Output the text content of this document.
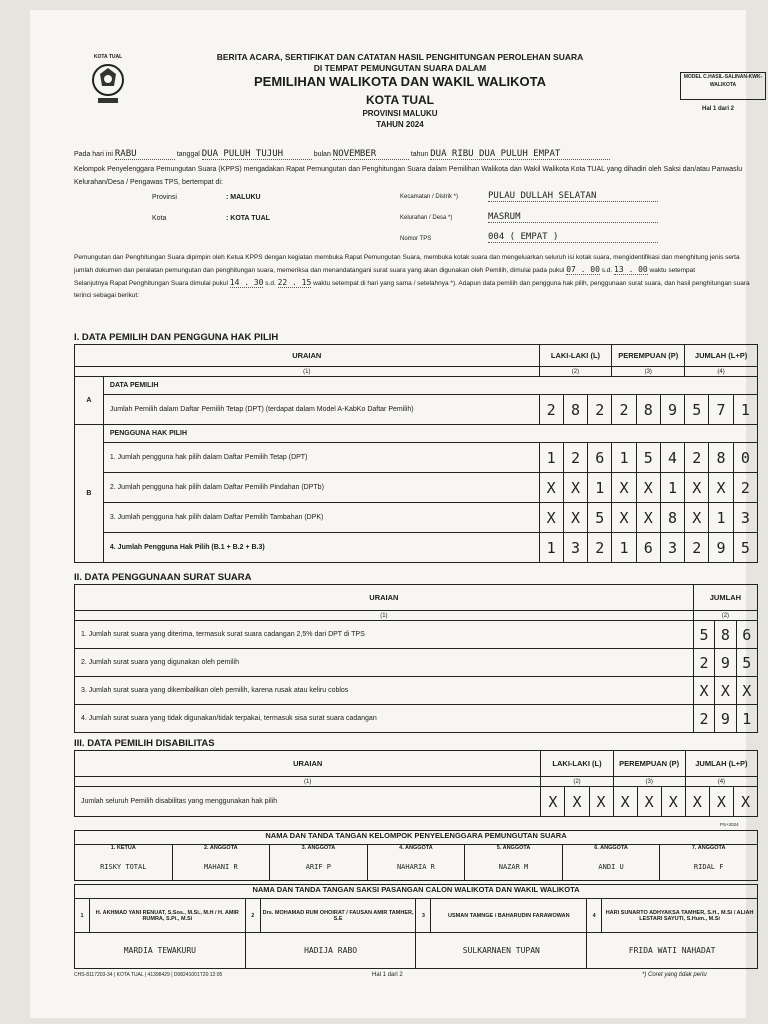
KOTA TUAL	BERITA ACARA, SERTIFIKAT DAN CATATAN HASIL PENGHITUNGAN PEROLEHAN SUARA
DI TEMPAT PEMUNGUTAN SUARA DALAM
PEMILIHAN WALIKOTA DAN WAKIL WALIKOTA
KOTA TUAL
PROVINSI MALUKU
TAHUN 2024
MODEL C.HASIL-SALINAN-KWK-WALIKOTA
Hal 1 dari 2
Pada hari ini RABU	tanggal DUA PULUH TUJUH	bulan NOVEMBER	tahun DUA RIBU DUA PULUH EMPAT
Kelompok Penyelenggara Pemungutan Suara (KPPS) mengadakan Rapat Pemungutan dan Penghitungan Suara dalam Pemilihan Walikota dan Wakil Walikota Kota TUAL yang dihadiri oleh Saksi dan/atau Panwaslu Kelurahan/Desa / Pengawas TPS, bertempat di:
Provinsi	: MALUKU
Kota	: KOTA TUAL
Kecamatan / Distrik *)	PULAU DULLAH SELATAN
Kelurahan / Desa *)	MASRUM
Nomor TPS	004 ( EMPAT )
Pemungutan dan Penghitungan Suara dipimpin oleh Ketua KPPS dengan kegiatan membuka Rapat Pemungutan Suara, membuka kotak suara dan mengeluarkan seluruh isi kotak suara, mengidentifikasi dan menghitung jenis serta jumlah dokumen dan peralatan pemungutan dan penghitungan suara, memeriksa dan menandatangani surat suara yang akan digunakan oleh Pemilih, dimulai pada pukul 07 . 00 s.d. 13 . 00 waktu setempat
Selanjutnya Rapat Penghitungan Suara dimulai pukul 14 . 30 s.d. 22 . 15 waktu setempat di hari yang sama / setelahnya *). Adapun data pemilih dan pengguna hak pilih, penggunaan surat suara, dan hasil penghitungan suara terinci sebagai berikut:
I. DATA PEMILIH DAN PENGGUNA HAK PILIH
URAIAN		LAKI-LAKI (L)			PEREMPUAN (P)			JUMLAH (L+P)		
(1)		(2)			(3)			(4)		
A	DATA PEMILIH									
	Jumlah Pemilih dalam Daftar Pemilih Tetap (DPT) (terdapat dalam Model A-KabKo Daftar Pemilih)	2	8	2	2	8	9	5	7	1
B	PENGGUNA HAK PILIH									
	1. Jumlah pengguna hak pilih dalam Daftar Pemilih Tetap (DPT)	1	2	6	1	5	4	2	8	0
	2. Jumlah pengguna hak pilih dalam Daftar Pemilih Pindahan (DPTb)	X	X	1	X	X	1	X	X	2
	3. Jumlah pengguna hak pilih dalam Daftar Pemilih Tambahan (DPK)	X	X	5	X	X	8	X	1	3
	4. Jumlah Pengguna Hak Pilih (B.1 + B.2 + B.3)	1	3	2	1	6	3	2	9	5
II. DATA PENGGUNAAN SURAT SUARA
URAIAN	JUMLAH		
(1)	(2)		
1. Jumlah surat suara yang diterima, termasuk surat suara cadangan 2,5% dari DPT di TPS	5	8	6
2. Jumlah surat suara yang digunakan oleh pemilih	2	9	5
3. Jumlah surat suara yang dikembalikan oleh pemilih, karena rusak atau keliru coblos	X	X	X
4. Jumlah surat suara yang tidak digunakan/tidak terpakai, termasuk sisa surat suara cadangan	2	9	1
III. DATA PEMILIH DISABILITAS
URAIAN	LAKI-LAKI (L)			PEREMPUAN (P)			JUMLAH (L+P)		
(1)	(2)			(3)			(4)		
Jumlah seluruh Pemilih disabilitas yang menggunakan hak pilih	X	X	X	X	X	X	X	X	X
PS+2024
NAMA DAN TANDA TANGAN KELOMPOK PENYELENGGARA PEMUNGUTAN SUARA

1. KETUA
RISKY TOTAL

2. ANGGOTA
MAHANI R

3. ANGGOTA
ARIF P

4. ANGGOTA
NAHARIA R

5. ANGGOTA
NAZAR M

6. ANGGOTA
ANDI U

7. ANGGOTA
RIDAL F
NAMA DAN TANDA TANGAN SAKSI PASANGAN CALON WALIKOTA DAN WAKIL WALIKOTA							
1	H. AKHMAD YANI RENUAT, S.Sos., M.Si., M.H / H. AMIR RUMRA, S.Pi., M.Si	2	Drs. MOHAMAD RUM OHOIRAT / FAUSAN AMIR TAMHER, S.E	3	USMAN TAMNGE / BAHARUDIN FARAWOWAN	4	HARI SUNARTO ADHYAKSA TAMHER, S.H., M.Si / ALIAH LESTARI SAYUTI, S.Hum., M.Si
MARDIA TEWAKURU		HADIJA RABO		SULKARNAEN TUPAN		FRIDA WATI NAHADAT	
CHS-8117203-34 | KOTA TUAL | 41398429 | D08241001T20:12:05	Hal 1 dari 2	*) Coret yang tidak perlu
